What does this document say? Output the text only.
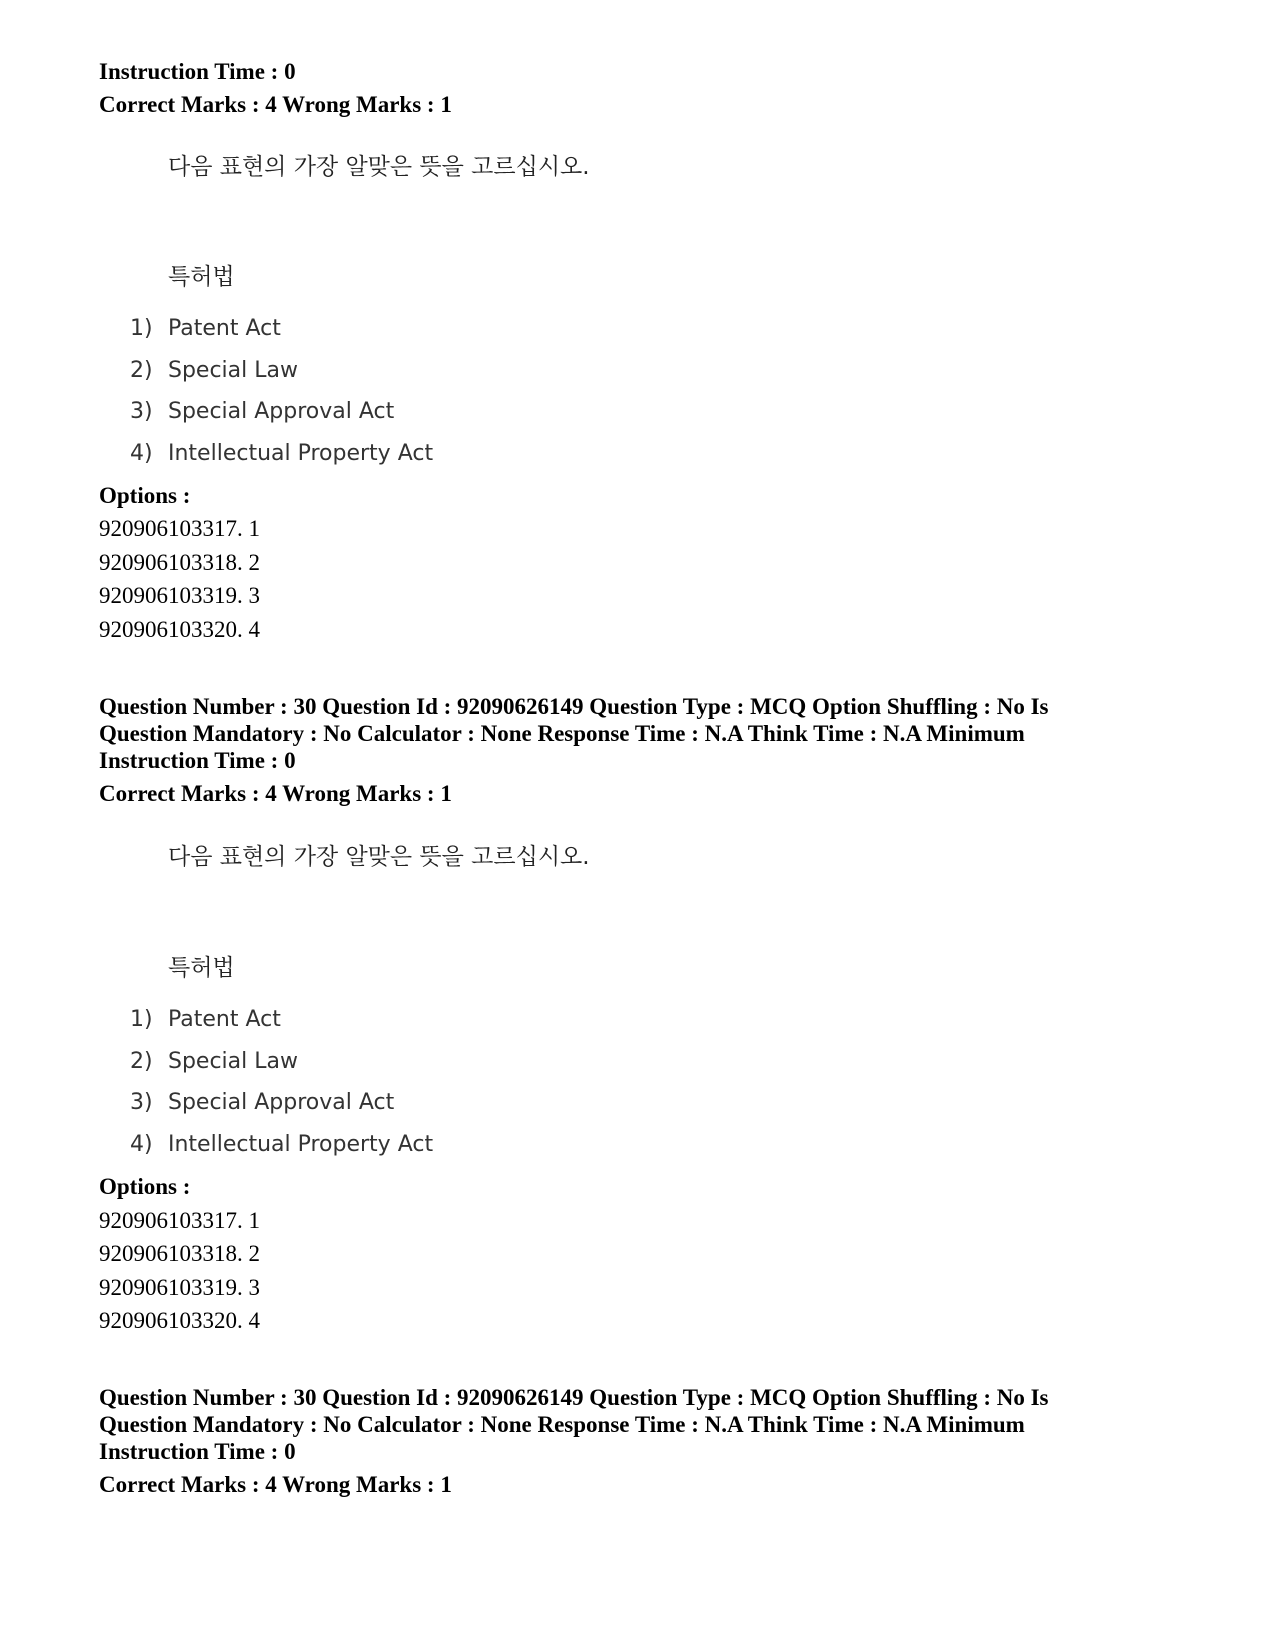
Instruction Time : 0

Correct Marks : 4 Wrong Marks : 1

다음 표현의 가장 알맞은 뜻을 고르십시오.

특허법

1) Patent Act

2) Special Law

3) Special Approval Act

4) Intellectual Property Act

Options :

920906103317. 1

920906103318. 2

920906103319. 3

920906103320. 4

Question Number : 30 Question Id : 92090626149 Question Type : MCQ Option Shuffling : No Is

Question Mandatory : No Calculator : None Response Time : N.A Think Time : N.A Minimum

Instruction Time : 0

Correct Marks : 4 Wrong Marks : 1

다음 표현의 가장 알맞은 뜻을 고르십시오.

특허법

1) Patent Act

2) Special Law

3) Special Approval Act

4) Intellectual Property Act

Options :

920906103317. 1

920906103318. 2

920906103319. 3

920906103320. 4

Question Number : 30 Question Id : 92090626149 Question Type : MCQ Option Shuffling : No Is

Question Mandatory : No Calculator : None Response Time : N.A Think Time : N.A Minimum

Instruction Time : 0

Correct Marks : 4 Wrong Marks : 1
